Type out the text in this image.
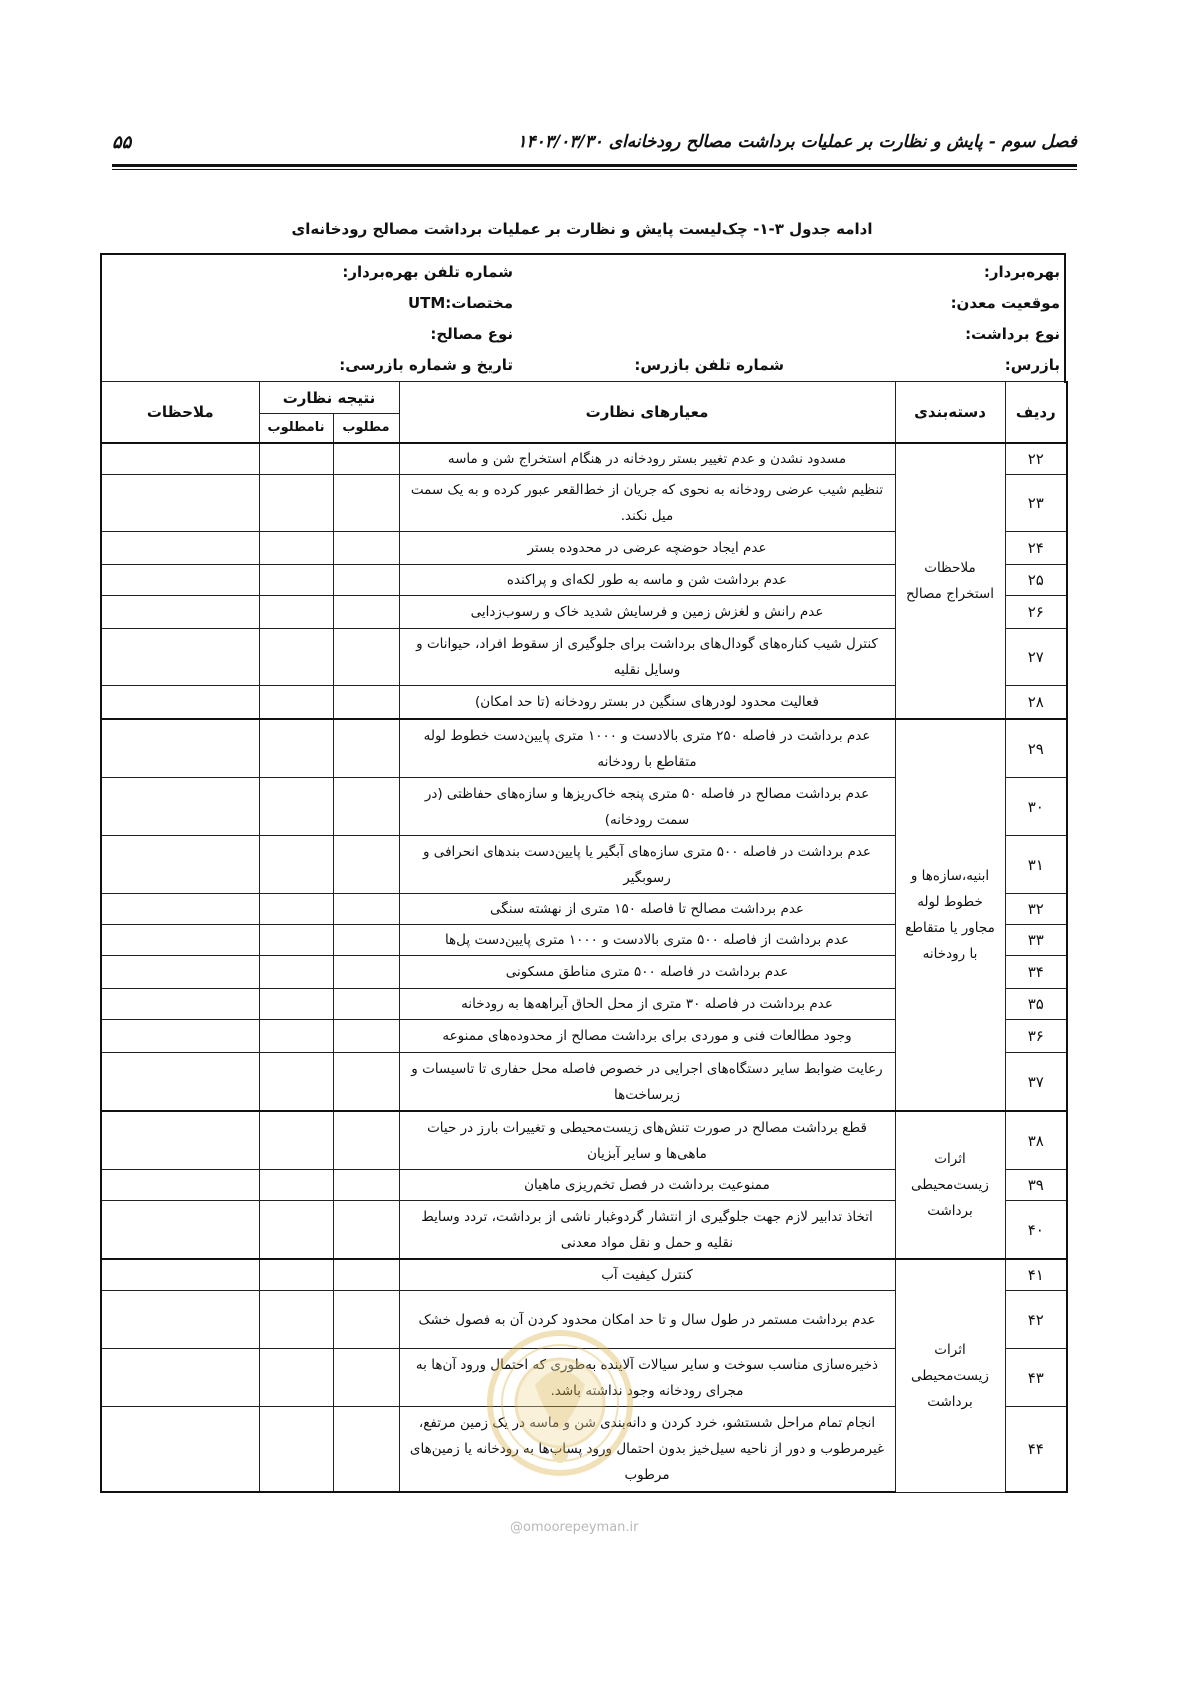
فصل سوم - پایش و نظارت بر عملیات برداشت مصالح رودخانه‌ای ۱۴۰۳/۰۳/۳۰
۵۵
ادامه جدول ۳-۱- چک‌لیست پایش و نظارت بر عملیات برداشت مصالح رودخانه‌ای
بهره‌بردار:
شماره تلفن بهره‌بردار:
موقعیت معدن:
مختصات:UTM
نوع برداشت:
نوع مصالح:
بازرس:
شماره تلفن بازرس:
تاریخ و شماره بازرسی:
ردیف	دسته‌بندی	معیارهای نظارت	نتیجه نظارت		ملاحظات
			مطلوب	نامطلوب	
۲۲	ملاحظات استخراج مصالح	مسدود نشدن و عدم تغییر بستر رودخانه در هنگام استخراج شن و ماسه			
۲۳		تنظیم شیب عرضی رودخانه به نحوی که جریان از خط‌القعر عبور کرده و به یک سمت میل نکند.			
۲۴		عدم ایجاد حوضچه عرضی در محدوده بستر			
۲۵		عدم برداشت شن و ماسه به طور لکه‌ای و پراکنده			
۲۶		عدم رانش و لغزش زمین و فرسایش شدید خاک و رسوب‌زدایی			
۲۷		کنترل شیب کناره‌های گودال‌های برداشت برای جلوگیری از سقوط افراد، حیوانات و وسایل نقلیه			
۲۸		فعالیت محدود لودرهای سنگین در بستر رودخانه (تا حد امکان)			
۲۹	ابنیه،سازه‌ها و خطوط لوله مجاور یا متقاطع با رودخانه	عدم برداشت در فاصله ۲۵۰ متری بالادست و ۱۰۰۰ متری پایین‌دست خطوط لوله متقاطع با رودخانه			
۳۰		عدم برداشت مصالح در فاصله ۵۰ متری پنجه خاک‌ریزها و سازه‌های حفاظتی (در سمت رودخانه)			
۳۱		عدم برداشت در فاصله ۵۰۰ متری سازه‌های آبگیر یا پایین‌دست بندهای انحرافی و رسوبگیر			
۳۲		عدم برداشت مصالح تا فاصله ۱۵۰ متری از نهشته سنگی			
۳۳		عدم برداشت از فاصله ۵۰۰ متری بالادست و ۱۰۰۰ متری پایین‌دست پل‌ها			
۳۴		عدم برداشت در فاصله ۵۰۰ متری مناطق مسکونی			
۳۵		عدم برداشت در فاصله ۳۰ متری از محل الحاق آبراهه‌ها به رودخانه			
۳۶		وجود مطالعات فنی و موردی برای برداشت مصالح از محدوده‌های ممنوعه			
۳۷		رعایت ضوابط سایر دستگاه‌های اجرایی در خصوص فاصله محل حفاری تا تاسیسات و زیرساخت‌ها			
۳۸	اثرات زیست‌محیطی برداشت	قطع برداشت مصالح در صورت تنش‌های زیست‌محیطی و تغییرات بارز در حیات ماهی‌ها و سایر آبزیان			
۳۹		ممنوعیت برداشت در فصل تخم‌ریزی ماهیان			
۴۰		اتخاذ تدابیر لازم جهت جلوگیری از انتشار گردوغبار ناشی از برداشت، تردد وسایط نقلیه و حمل و نقل مواد معدنی			
۴۱	اثرات زیست‌محیطی برداشت	کنترل کیفیت آب			
۴۲		عدم برداشت مستمر در طول سال و تا حد امکان محدود کردن آن به فصول خشک			
۴۳		ذخیره‌سازی مناسب سوخت و سایر سیالات آلاینده به‌طوری که احتمال ورود آن‌ها به مجرای رودخانه وجود نداشته باشد.			
۴۴		انجام تمام مراحل شستشو، خرد کردن و دانه‌بندی شن و ماسه در یک زمین مرتفع، غیرمرطوب و دور از ناحیه سیل‌خیز بدون احتمال ورود پساب‌ها به رودخانه یا زمین‌های مرطوب			
@omoorepeyman.ir
